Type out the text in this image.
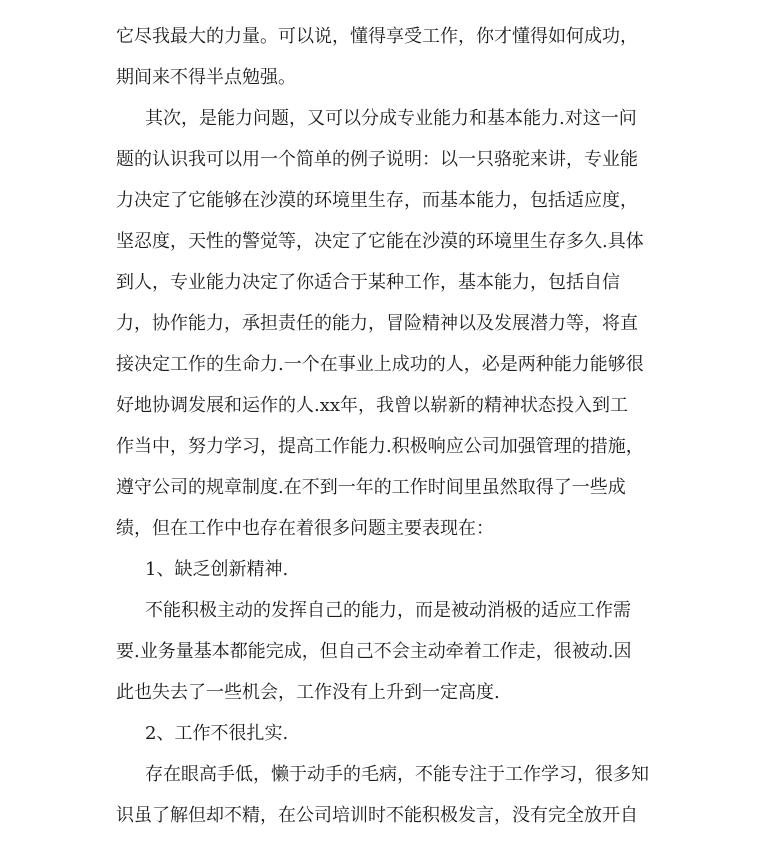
它尽我最大的力量。可以说，懂得享受工作，你才懂得如何成功，
期间来不得半点勉强。
其次，是能力问题，又可以分成专业能力和基本能力.对这一问
题的认识我可以用一个简单的例子说明：以一只骆驼来讲，专业能
力决定了它能够在沙漠的环境里生存，而基本能力，包括适应度，
坚忍度，天性的警觉等，决定了它能在沙漠的环境里生存多久.具体
到人，专业能力决定了你适合于某种工作，基本能力，包括自信
力，协作能力，承担责任的能力，冒险精神以及发展潜力等，将直
接决定工作的生命力.一个在事业上成功的人，必是两种能力能够很
好地协调发展和运作的人.xx年，我曾以崭新的精神状态投入到工
作当中，努力学习，提高工作能力.积极响应公司加强管理的措施，
遵守公司的规章制度.在不到一年的工作时间里虽然取得了一些成
绩，但在工作中也存在着很多问题主要表现在：
1、缺乏创新精神.
不能积极主动的发挥自己的能力，而是被动消极的适应工作需
要.业务量基本都能完成，但自己不会主动牵着工作走，很被动.因
此也失去了一些机会，工作没有上升到一定高度.
2、工作不很扎实.
存在眼高手低，懒于动手的毛病，不能专注于工作学习，很多知
识虽了解但却不精，在公司培训时不能积极发言，没有完全放开自
